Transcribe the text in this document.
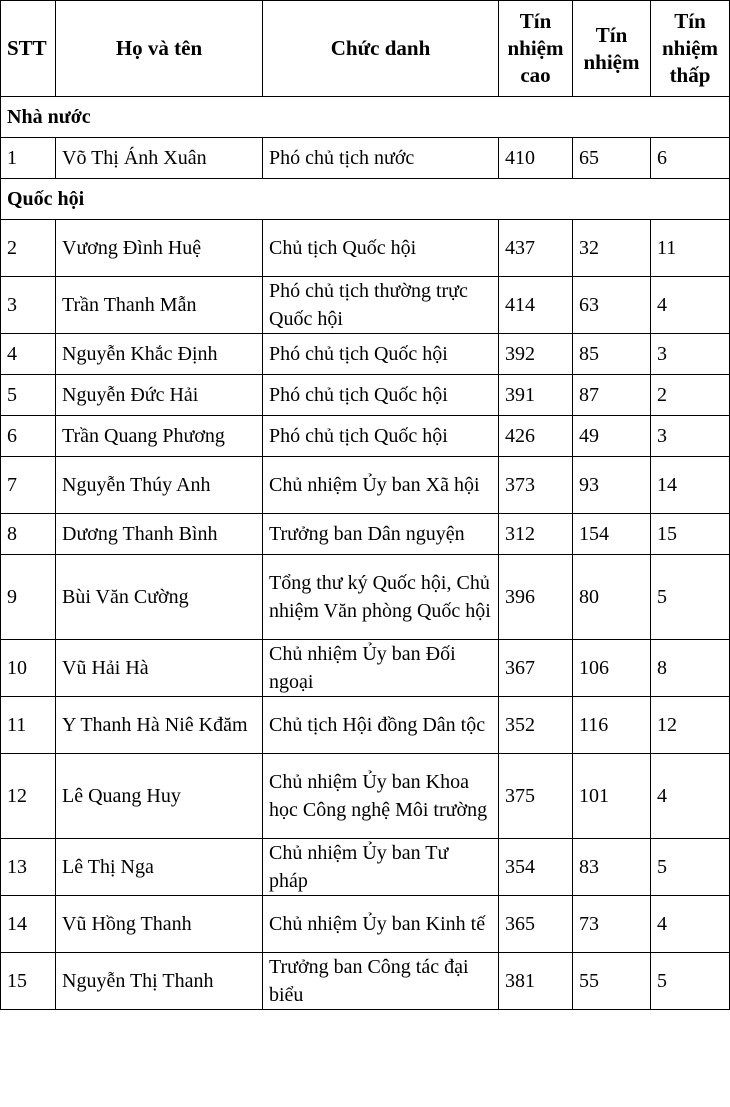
STT	Họ và tên	Chức danh	Tín nhiệm cao	Tín nhiệm	Tín nhiệm thấp
Nhà nước					
1	Võ Thị Ánh Xuân	Phó chủ tịch nước	410	65	6
Quốc hội					
2	Vương Đình Huệ	Chủ tịch Quốc hội	437	32	11
3	Trần Thanh Mẫn	Phó chủ tịch thường trực Quốc hội	414	63	4
4	Nguyễn Khắc Định	Phó chủ tịch Quốc hội	392	85	3
5	Nguyễn Đức Hải	Phó chủ tịch Quốc hội	391	87	2
6	Trần Quang Phương	Phó chủ tịch Quốc hội	426	49	3
7	Nguyễn Thúy Anh	Chủ nhiệm Ủy ban Xã hội	373	93	14
8	Dương Thanh Bình	Trưởng ban Dân nguyện	312	154	15
9	Bùi Văn Cường	Tổng thư ký Quốc hội, Chủ nhiệm Văn phòng Quốc hội	396	80	5
10	Vũ Hải Hà	Chủ nhiệm Ủy ban Đối ngoại	367	106	8
11	Y Thanh Hà Niê Kđăm	Chủ tịch Hội đồng Dân tộc	352	116	12
12	Lê Quang Huy	Chủ nhiệm Ủy ban Khoa học Công nghệ Môi trường	375	101	4
13	Lê Thị Nga	Chủ nhiệm Ủy ban Tư pháp	354	83	5
14	Vũ Hồng Thanh	Chủ nhiệm Ủy ban Kinh tế	365	73	4
15	Nguyễn Thị Thanh	Trưởng ban Công tác đại biểu	381	55	5
